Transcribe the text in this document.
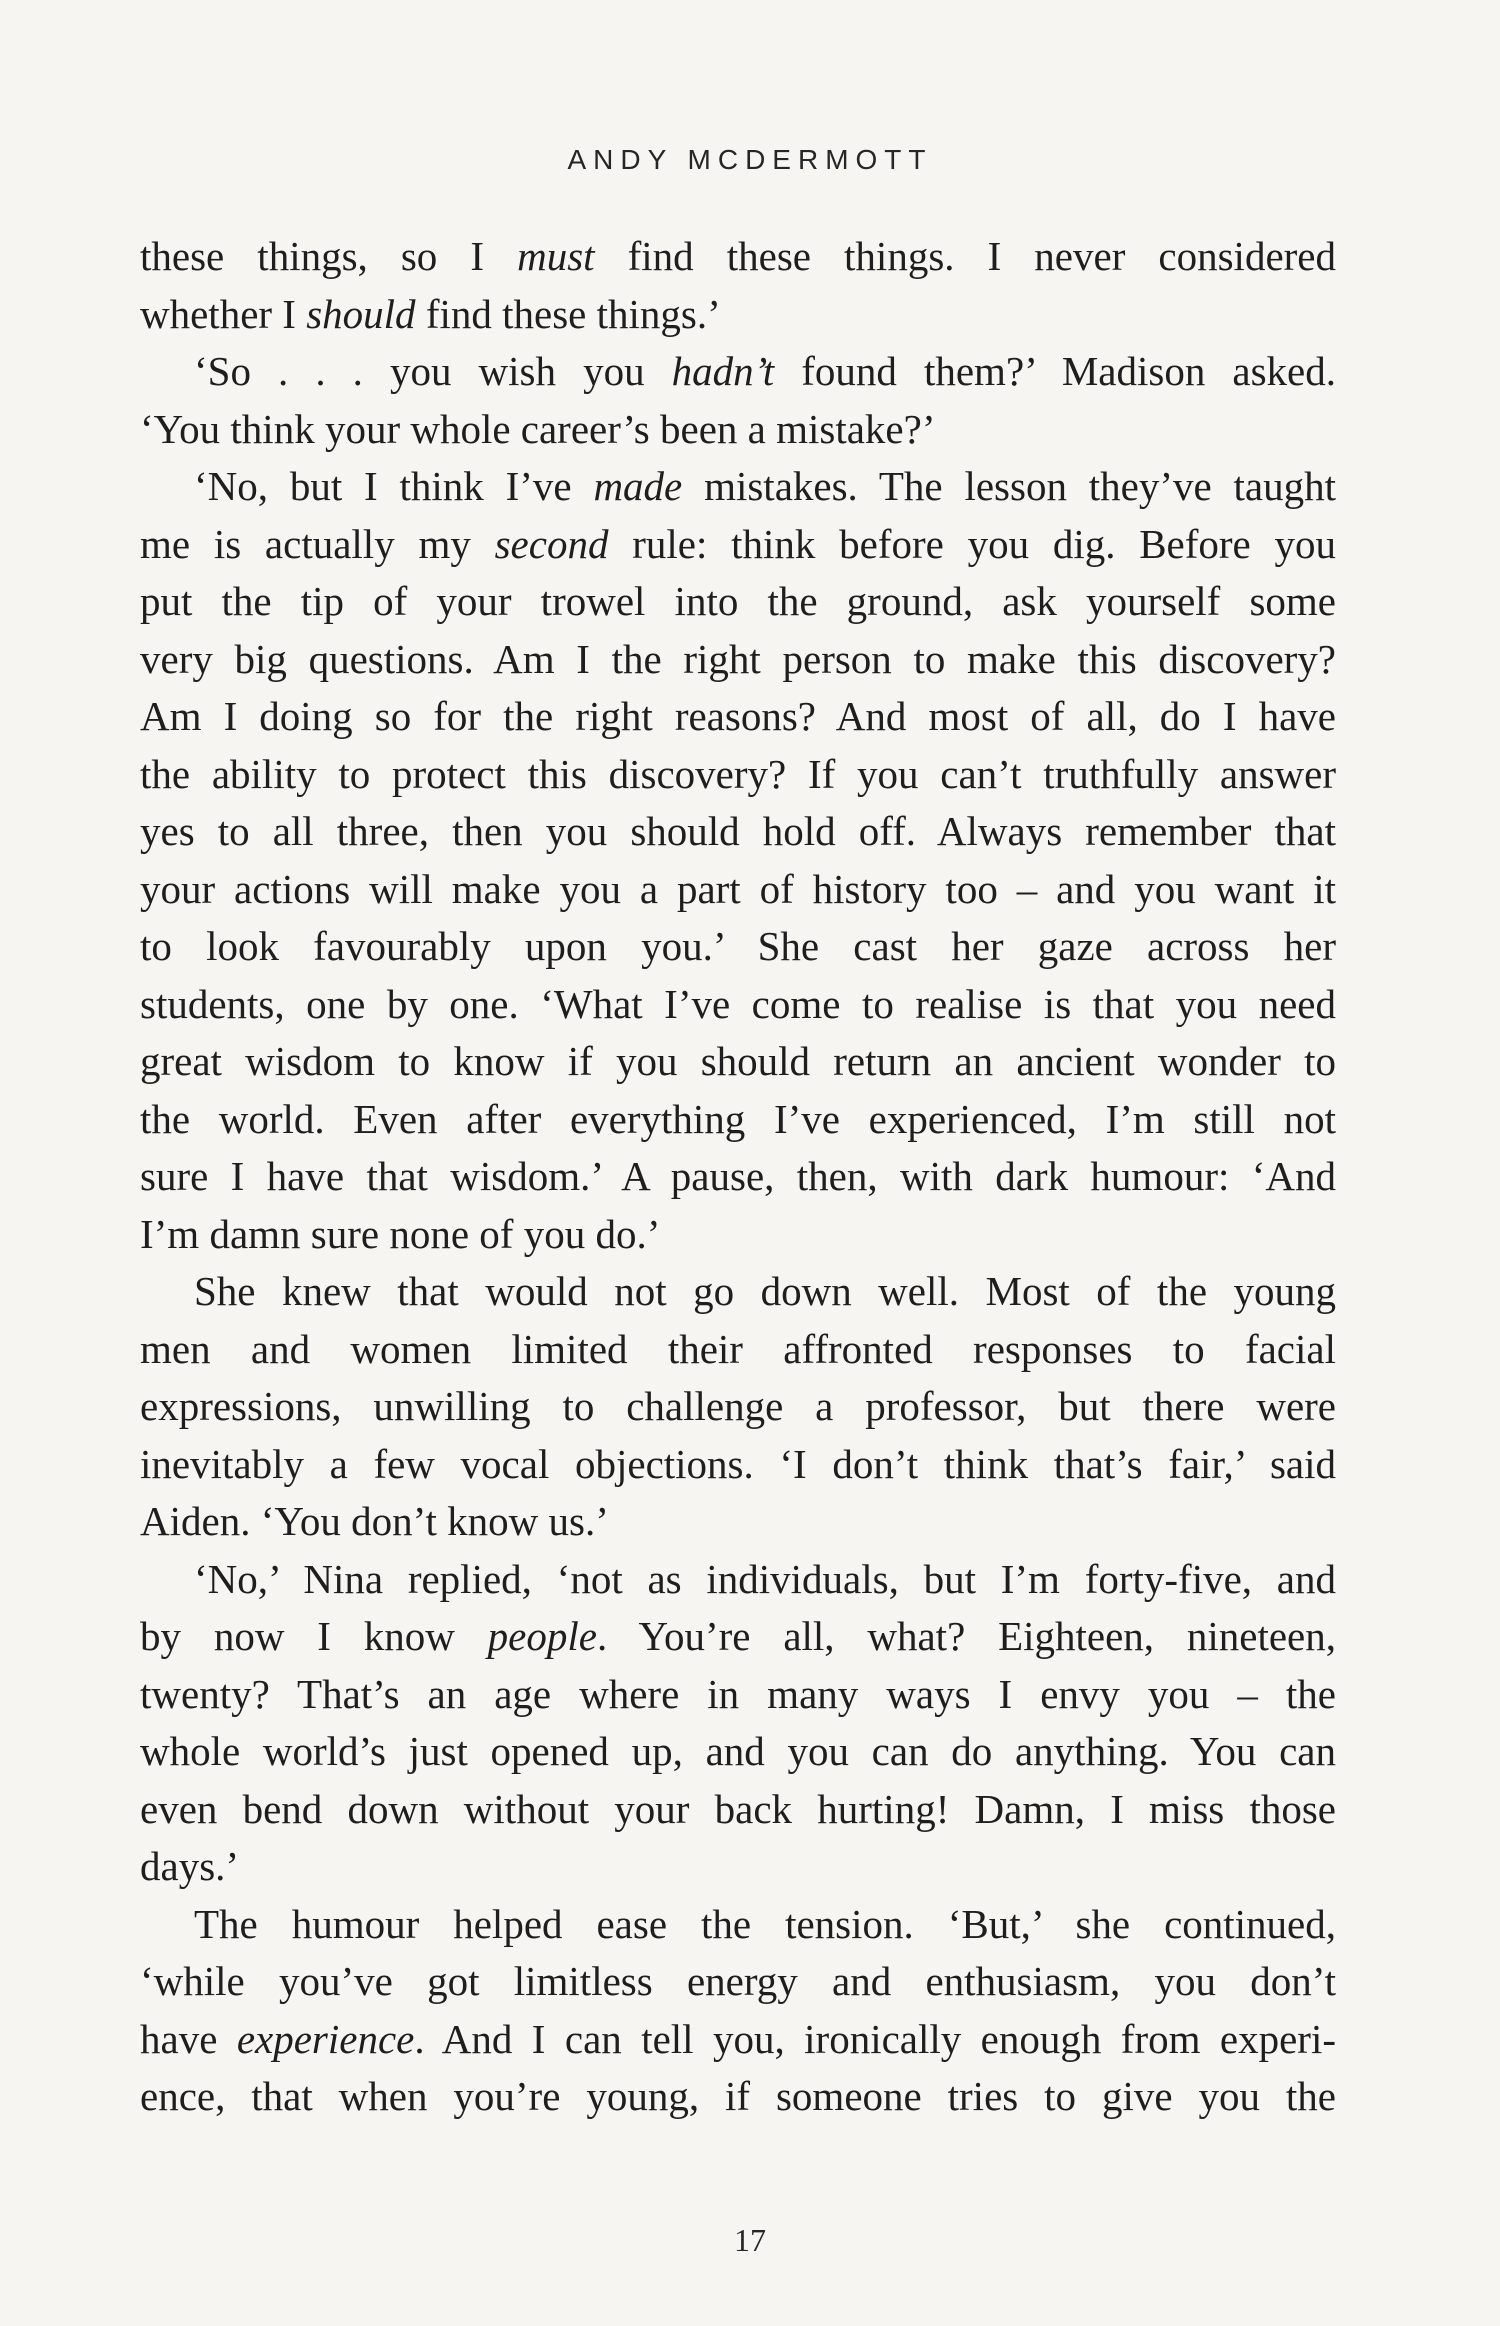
ANDY MCDERMOTT
these things, so I must find these things. I never considered
whether I should find these things.’
‘So . . . you wish you hadn’t found them?’ Madison asked.
‘You think your whole career’s been a mistake?’
‘No, but I think I’ve made mistakes. The lesson they’ve taught
me is actually my second rule: think before you dig. Before you
put the tip of your trowel into the ground, ask yourself some
very big questions. Am I the right person to make this discovery?
Am I doing so for the right reasons? And most of all, do I have
the ability to protect this discovery? If you can’t truthfully answer
yes to all three, then you should hold off. Always remember that
your actions will make you a part of history too – and you want it
to look favourably upon you.’ She cast her gaze across her
students, one by one. ‘What I’ve come to realise is that you need
great wisdom to know if you should return an ancient wonder to
the world. Even after everything I’ve experienced, I’m still not
sure I have that wisdom.’ A pause, then, with dark humour: ‘And
I’m damn sure none of you do.’
She knew that would not go down well. Most of the young
men and women limited their affronted responses to facial
expressions, unwilling to challenge a professor, but there were
inevitably a few vocal objections. ‘I don’t think that’s fair,’ said
Aiden. ‘You don’t know us.’
‘No,’ Nina replied, ‘not as individuals, but I’m forty-five, and
by now I know people. You’re all, what? Eighteen, nineteen,
twenty? That’s an age where in many ways I envy you – the
whole world’s just opened up, and you can do anything. You can
even bend down without your back hurting! Damn, I miss those
days.’
The humour helped ease the tension. ‘But,’ she continued,
‘while you’ve got limitless energy and enthusiasm, you don’t
have experience. And I can tell you, ironically enough from experi-
ence, that when you’re young, if someone tries to give you the
17
